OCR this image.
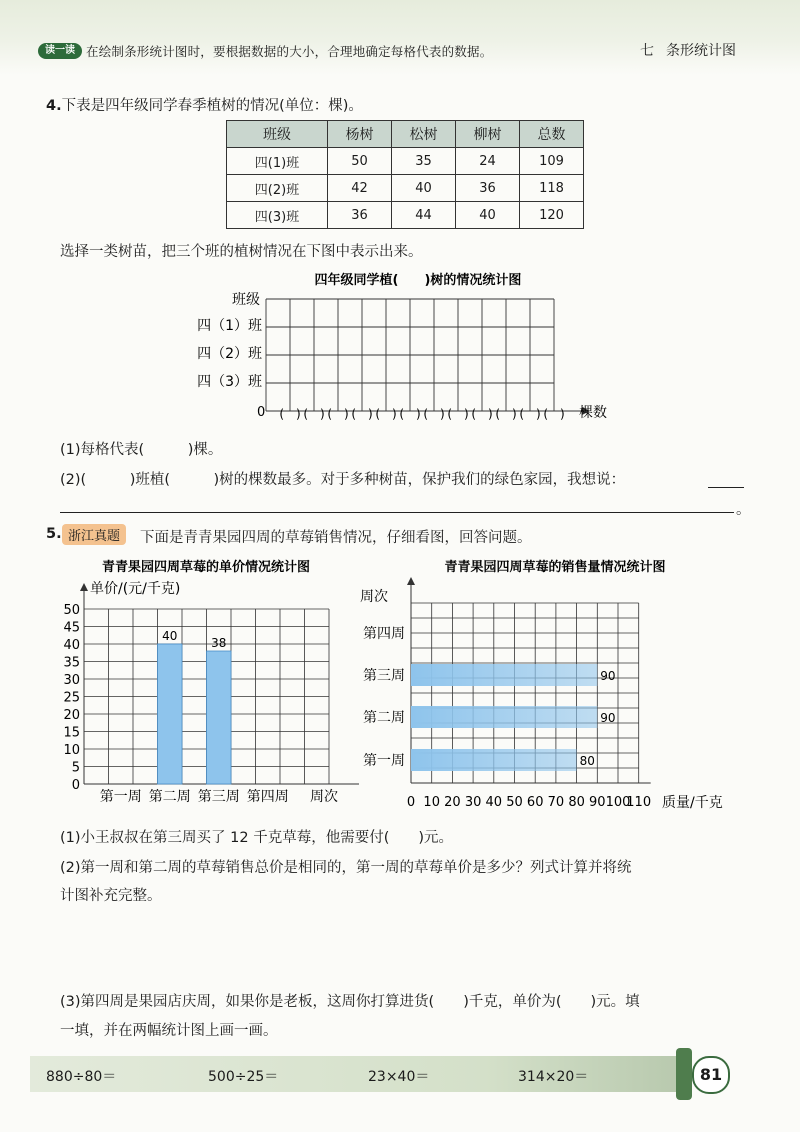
读一读 在绘制条形统计图时，要根据数据的大小，合理地确定每格代表的数据。	七 条形统计图
4.下表是四年级同学春季植树的情况(单位：棵)。
班级	杨树	松树	柳树	总数
四(1)班	50	35	24	109
四(2)班	42	40	36	118
四(3)班	36	44	40	120
选择一类树苗，把三个班的植树情况在下图中表示出来。
四年级同学植(　　)树的情况统计图
班级
四（1）班
四（2）班
四（3）班
0 (　) (　) (　) (　) (　) (　) (　) (　) (　) (　) (　) (　) 棵数
(1)每格代表(　　　)棵。
(2)(　　　)班植(　　　)树的棵数最多。对于多种树苗，保护我们的绿色家园，我想说：
。
5. 浙江真题	下面是青青果园四周的草莓销售情况，仔细看图，回答问题。
青青果园四周草莓的单价情况统计图
单价/(元/千克)
40	38
0
5
10
15
20
25
30
35
40
45
50
第一周 第二周 第三周 第四周 周次
青青果园四周草莓的销售量情况统计图
周次
80
90
90
第一周
第二周
第三周
第四周
0 10 20 30 40 50 60 70 80 90 100
110 质量/千克
(1)小王叔叔在第三周买了 12 千克草莓，他需要付(　　)元。
(2)第一周和第二周的草莓销售总价是相同的，第一周的草莓单价是多少？列式计算并将统
计图补充完整。
(3)第四周是果园店庆周，如果你是老板，这周你打算进货(　　)千克，单价为(　　)元。填
一填，并在两幅统计图上画一画。
880÷80＝	500÷25＝	23×40＝	314×20＝	81
